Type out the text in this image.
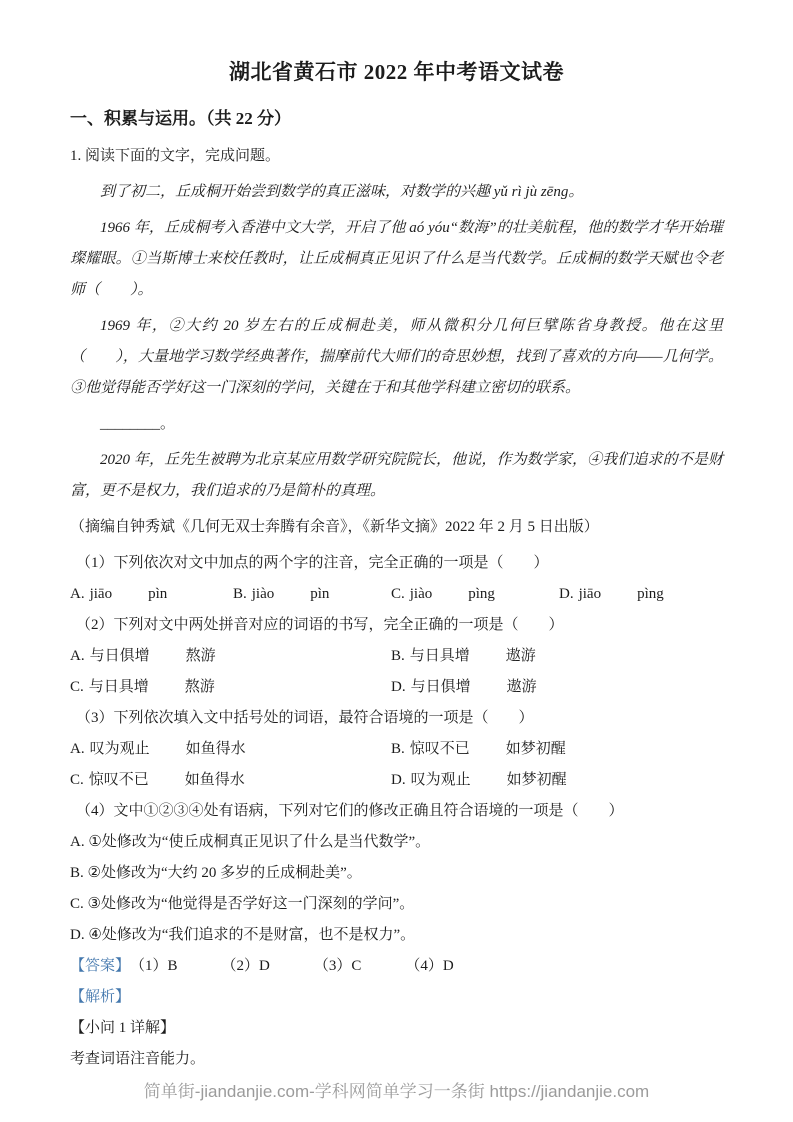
湖北省黄石市 2022 年中考语文试卷
一、积累与运用。（共 22 分）

1. 阅读下面的文字，完成问题。

到了初二，丘成桐开始尝到数学的真正滋味，对数学的兴趣 yǔ rì jù zēng。

1966 年，丘成桐考入香港中文大学，开启了他 aó yóu“数海”的壮美航程，他的数学才华开始璀璨耀眼。①当斯博士来校任教时，让丘成桐真正见识了什么是当代数学。丘成桐的数学天赋也令老师（　　）。

1969 年，②大约 20 岁左右的丘成桐赴美，师从微积分几何巨擘陈省身教授。他在这里（　　），大量地学习数学经典著作，揣摩前代大师们的奇思妙想，找到了喜欢的方向——几何学。③他觉得能否学好这一门深刻的学问，关键在于和其他学科建立密切的联系。

________。

2020 年，丘先生被聘为北京某应用数学研究院院长，他说，作为数学家，④我们追求的不是财富，更不是权力，我们追求的乃是简朴的真理。

（摘编自钟秀斌《几何无双士奔腾有余音》，《新华文摘》2022 年 2 月 5 日出版）

（1）下列依次对文中加点的两个字的注音，完全正确的一项是（　　）

A. jiāo pìn	B. jiào pìn	C. jiào pìng	D. jiāo pìng

（2）下列对文中两处拼音对应的词语的书写，完全正确的一项是（　　）

A. 与日俱增 熬游	B. 与日具增 遨游
C. 与日具增 熬游	D. 与日俱增 遨游

（3）下列依次填入文中括号处的词语，最符合语境的一项是（　　）

A. 叹为观止 如鱼得水	B. 惊叹不已 如梦初醒
C. 惊叹不已 如鱼得水	D. 叹为观止 如梦初醒

（4）文中①②③④处有语病，下列对它们的修改正确且符合语境的一项是（　　）

A. ①处修改为“使丘成桐真正见识了什么是当代数学”。

B. ②处修改为“大约 20 多岁的丘成桐赴美”。

C. ③处修改为“他觉得是否学好这一门深刻的学问”。

D. ④处修改为“我们追求的不是财富，也不是权力”。

【答案】 （1）B	（2）D	（3）C	（4）D

【解析】

【小问 1 详解】

考查词语注音能力。

简单街-jiandanjie.com-学科网简单学习一条街 https://jiandanjie.com
